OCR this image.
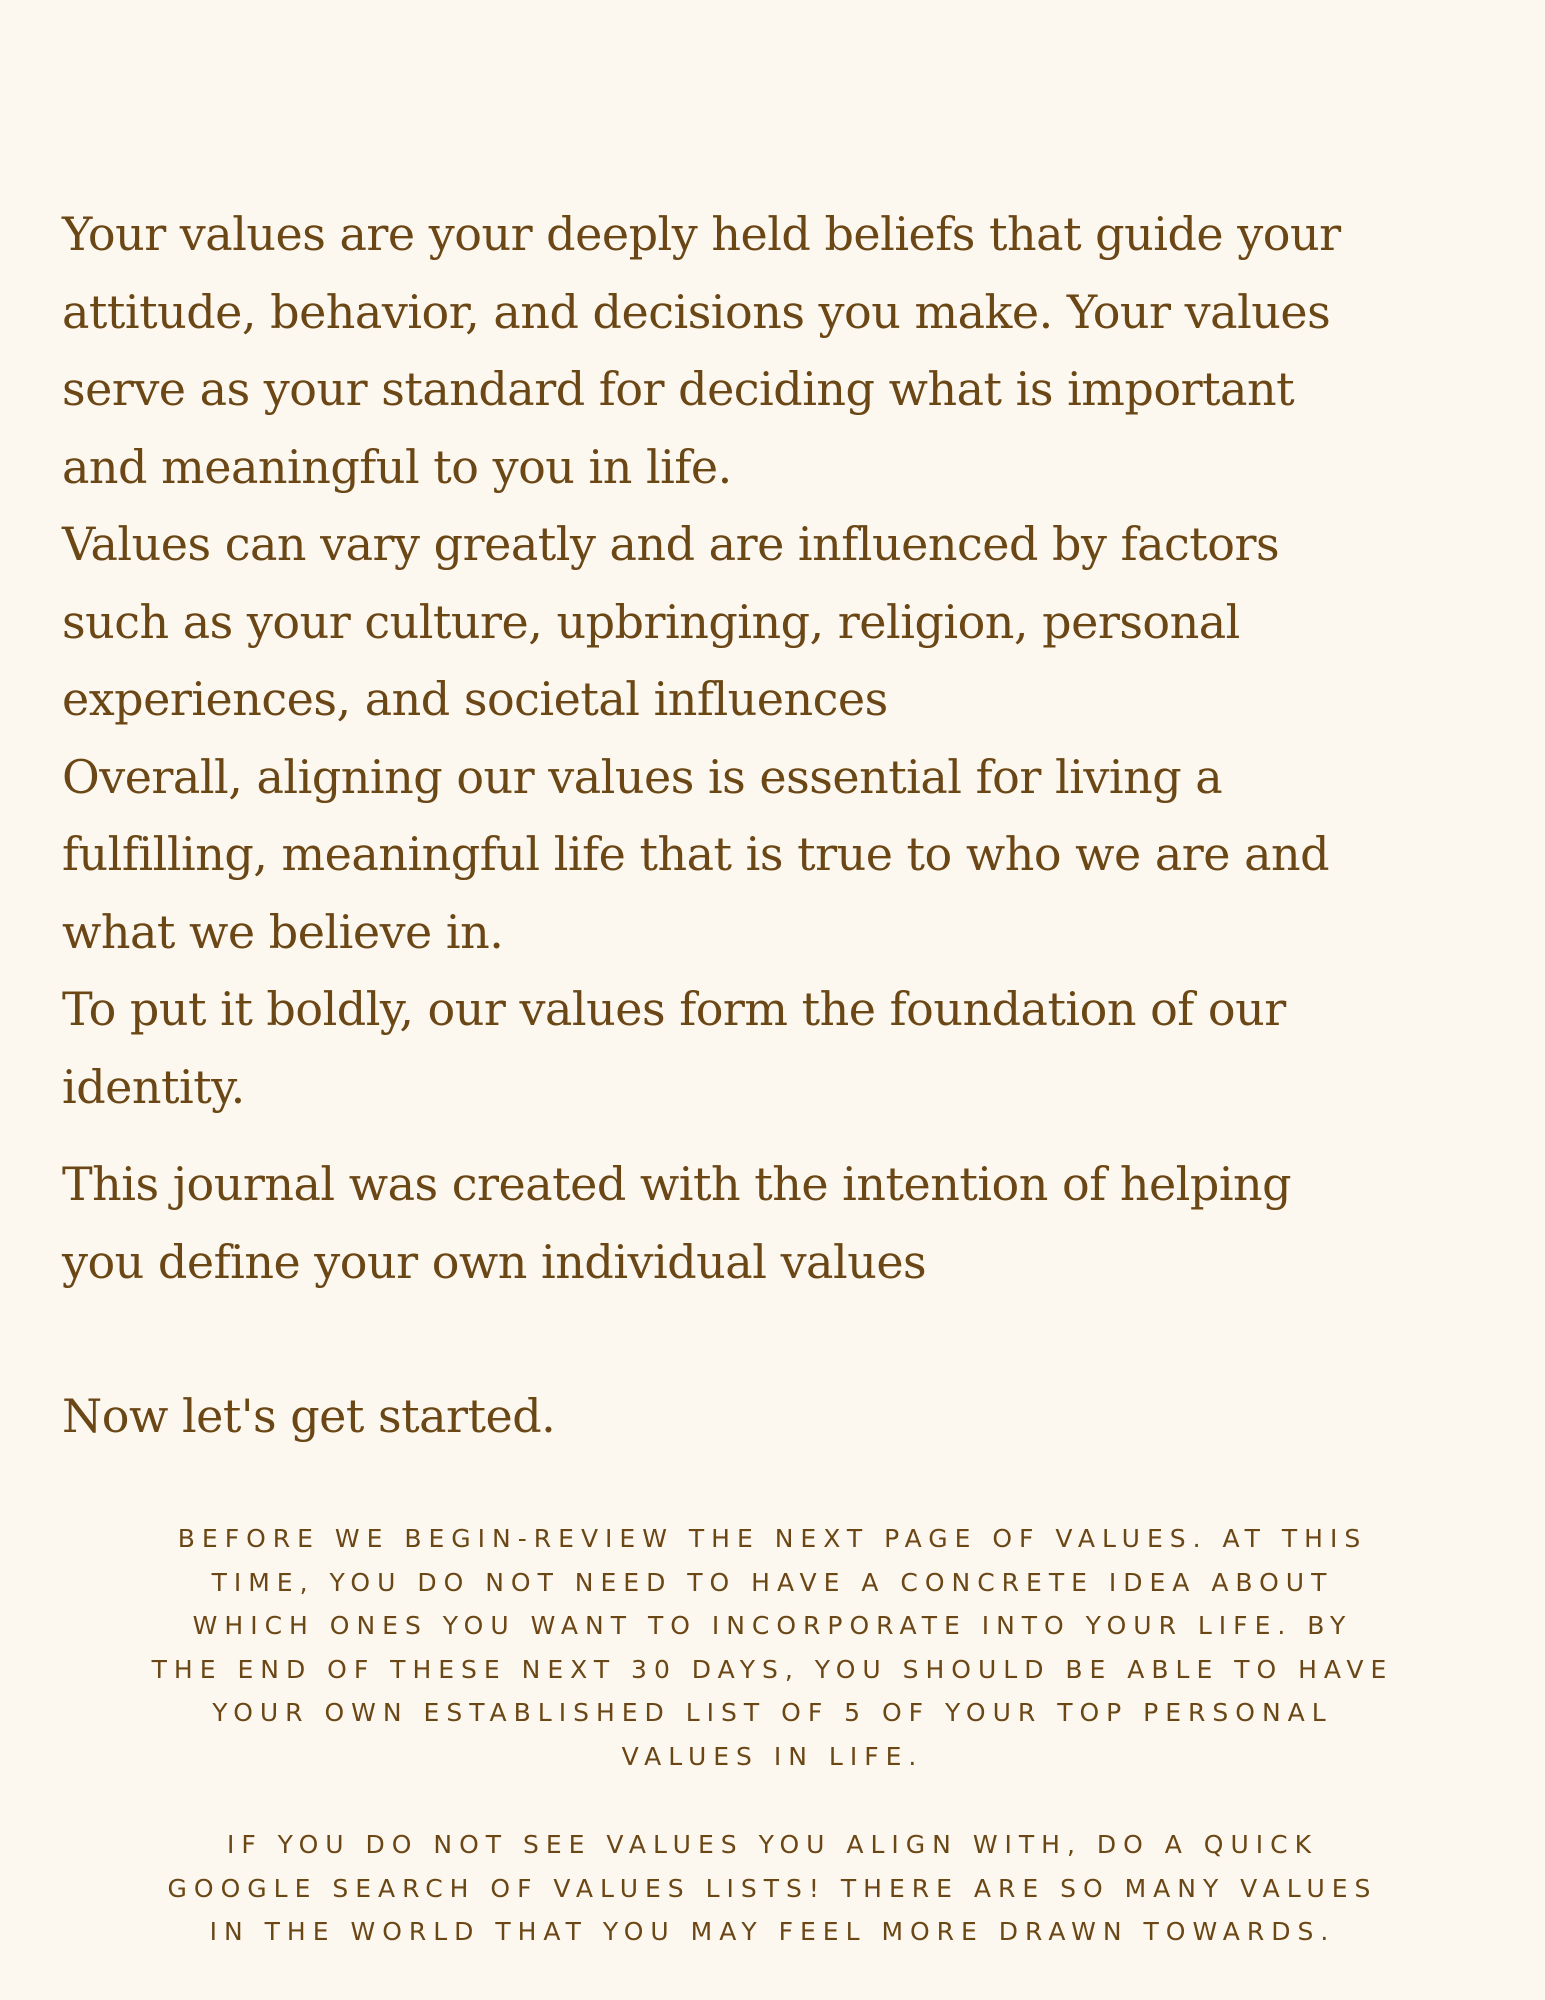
Your values are your deeply held beliefs that guide your
attitude, behavior, and decisions you make. Your values
serve as your standard for deciding what is important
and meaningful to you in life.

Values can vary greatly and are influenced by factors
such as your culture, upbringing, religion, personal
experiences, and societal influences

Overall, aligning our values is essential for living a
fulfilling, meaningful life that is true to who we are and
what we believe in.

To put it boldly, our values form the foundation of our
identity.

This journal was created with the intention of helping
you define your own individual values

Now let's get started.

BEFORE WE BEGIN-REVIEW THE NEXT PAGE OF VALUES. AT THIS
TIME, YOU DO NOT NEED TO HAVE A CONCRETE IDEA ABOUT
WHICH ONES YOU WANT TO INCORPORATE INTO YOUR LIFE. BY
THE END OF THESE NEXT 30 DAYS, YOU SHOULD BE ABLE TO HAVE
YOUR OWN ESTABLISHED LIST OF 5 OF YOUR TOP PERSONAL
VALUES IN LIFE.
IF YOU DO NOT SEE VALUES YOU ALIGN WITH, DO A QUICK
GOOGLE SEARCH OF VALUES LISTS! THERE ARE SO MANY VALUES
IN THE WORLD THAT YOU MAY FEEL MORE DRAWN TOWARDS.
